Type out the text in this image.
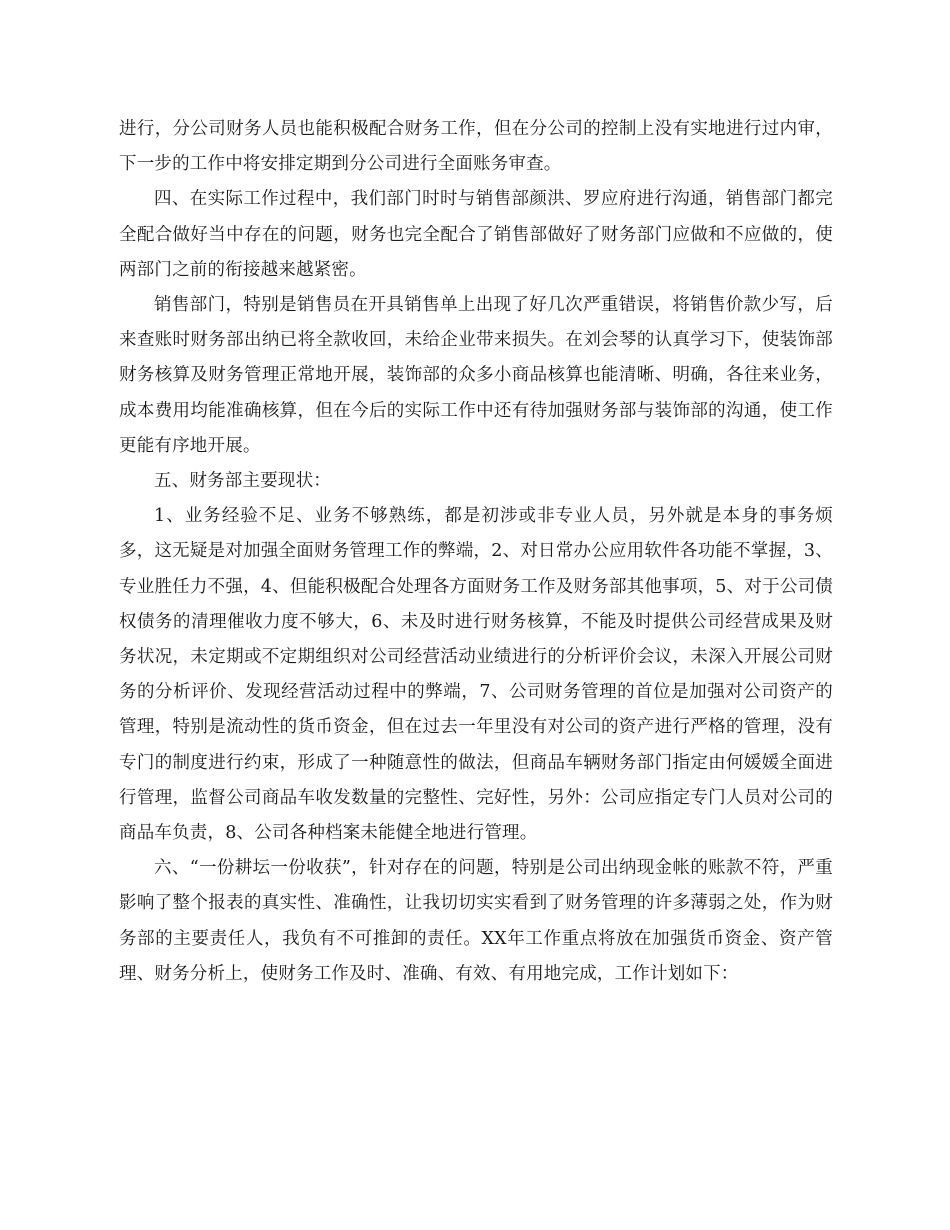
进行，分公司财务人员也能积极配合财务工作，但在分公司的控制上没有实地进行过内审，下一步的工作中将安排定期到分公司进行全面账务审查。

四、在实际工作过程中，我们部门时时与销售部颜洪、罗应府进行沟通，销售部门都完全配合做好当中存在的问题，财务也完全配合了销售部做好了财务部门应做和不应做的，使两部门之前的衔接越来越紧密。

销售部门，特别是销售员在开具销售单上出现了好几次严重错误，将销售价款少写，后来查账时财务部出纳已将全款收回，未给企业带来损失。在刘会琴的认真学习下，使装饰部财务核算及财务管理正常地开展，装饰部的众多小商品核算也能清晰、明确，各往来业务，成本费用均能准确核算，但在今后的实际工作中还有待加强财务部与装饰部的沟通，使工作更能有序地开展。

五、财务部主要现状：

1、业务经验不足、业务不够熟练，都是初涉或非专业人员，另外就是本身的事务烦多，这无疑是对加强全面财务管理工作的弊端，2、对日常办公应用软件各功能不掌握，3、专业胜任力不强，4、但能积极配合处理各方面财务工作及财务部其他事项，5、对于公司债权债务的清理催收力度不够大，6、未及时进行财务核算，不能及时提供公司经营成果及财务状况，未定期或不定期组织对公司经营活动业绩进行的分析评价会议，未深入开展公司财务的分析评价、发现经营活动过程中的弊端，7、公司财务管理的首位是加强对公司资产的管理，特别是流动性的货币资金，但在过去一年里没有对公司的资产进行严格的管理，没有专门的制度进行约束，形成了一种随意性的做法，但商品车辆财务部门指定由何媛媛全面进行管理，监督公司商品车收发数量的完整性、完好性，另外：公司应指定专门人员对公司的商品车负责，8、公司各种档案未能健全地进行管理。

六、“一份耕坛一份收获”，针对存在的问题，特别是公司出纳现金帐的账款不符，严重影响了整个报表的真实性、准确性，让我切切实实看到了财务管理的许多薄弱之处，作为财务部的主要责任人，我负有不可推卸的责任。XX年工作重点将放在加强货币资金、资产管理、财务分析上，使财务工作及时、准确、有效、有用地完成，工作计划如下：
